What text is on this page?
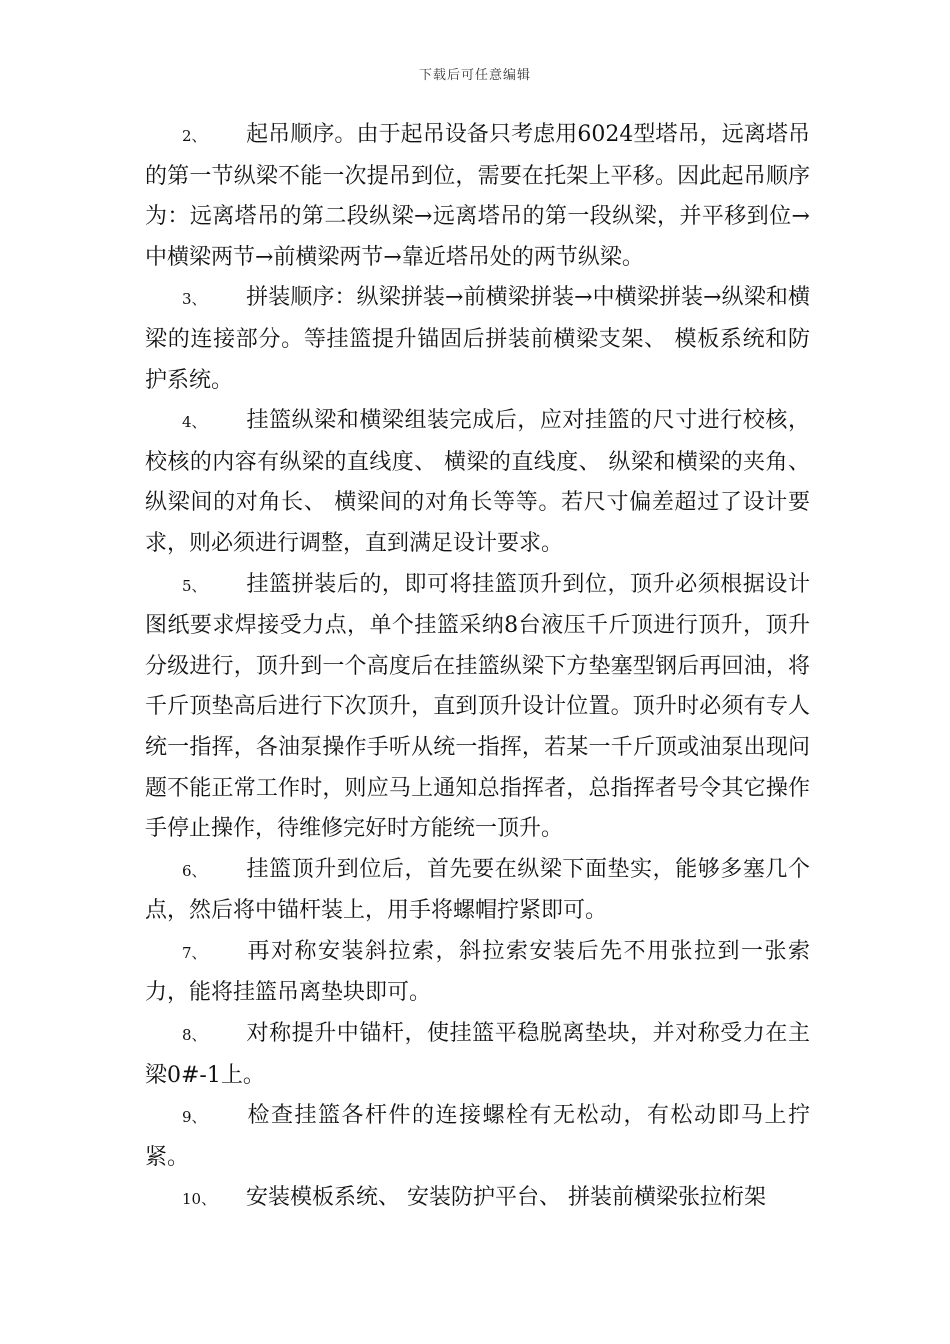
下载后可任意编辑

2、 起吊顺序。由于起吊设备只考虑用6024型塔吊，远离塔吊的第一节纵梁不能一次提吊到位，需要在托架上平移。因此起吊顺序为：远离塔吊的第二段纵梁→远离塔吊的第一段纵梁，并平移到位→中横梁两节→前横梁两节→靠近塔吊处的两节纵梁。

3、 拼装顺序：纵梁拼装→前横梁拼装→中横梁拼装→纵梁和横梁的连接部分。等挂篮提升锚固后拼装前横梁支架、 模板系统和防护系统。

4、 挂篮纵梁和横梁组装完成后，应对挂篮的尺寸进行校核， 校核的内容有纵梁的直线度、 横梁的直线度、 纵梁和横梁的夹角、 纵梁间的对角长、 横梁间的对角长等等。若尺寸偏差超过了设计要求，则必须进行调整，直到满足设计要求。

5、 挂篮拼装后的，即可将挂篮顶升到位，顶升必须根据设计图纸要求焊接受力点，单个挂篮采纳8台液压千斤顶进行顶升，顶升分级进行，顶升到一个高度后在挂篮纵梁下方垫塞型钢后再回油，将千斤顶垫高后进行下次顶升，直到顶升设计位置。顶升时必须有专人统一指挥，各油泵操作手听从统一指挥，若某一千斤顶或油泵出现问题不能正常工作时，则应马上通知总指挥者，总指挥者号令其它操作手停止操作，待维修完好时方能统一顶升。

6、 挂篮顶升到位后，首先要在纵梁下面垫实，能够多塞几个点，然后将中锚杆装上，用手将螺帽拧紧即可。

7、 再对称安装斜拉索，斜拉索安装后先不用张拉到一张索力，能将挂篮吊离垫块即可。

8、 对称提升中锚杆，使挂篮平稳脱离垫块，并对称受力在主梁0#-1上。

9、 检查挂篮各杆件的连接螺栓有无松动，有松动即马上拧紧。

10、 安装模板系统、 安装防护平台、 拼装前横梁张拉桁架
